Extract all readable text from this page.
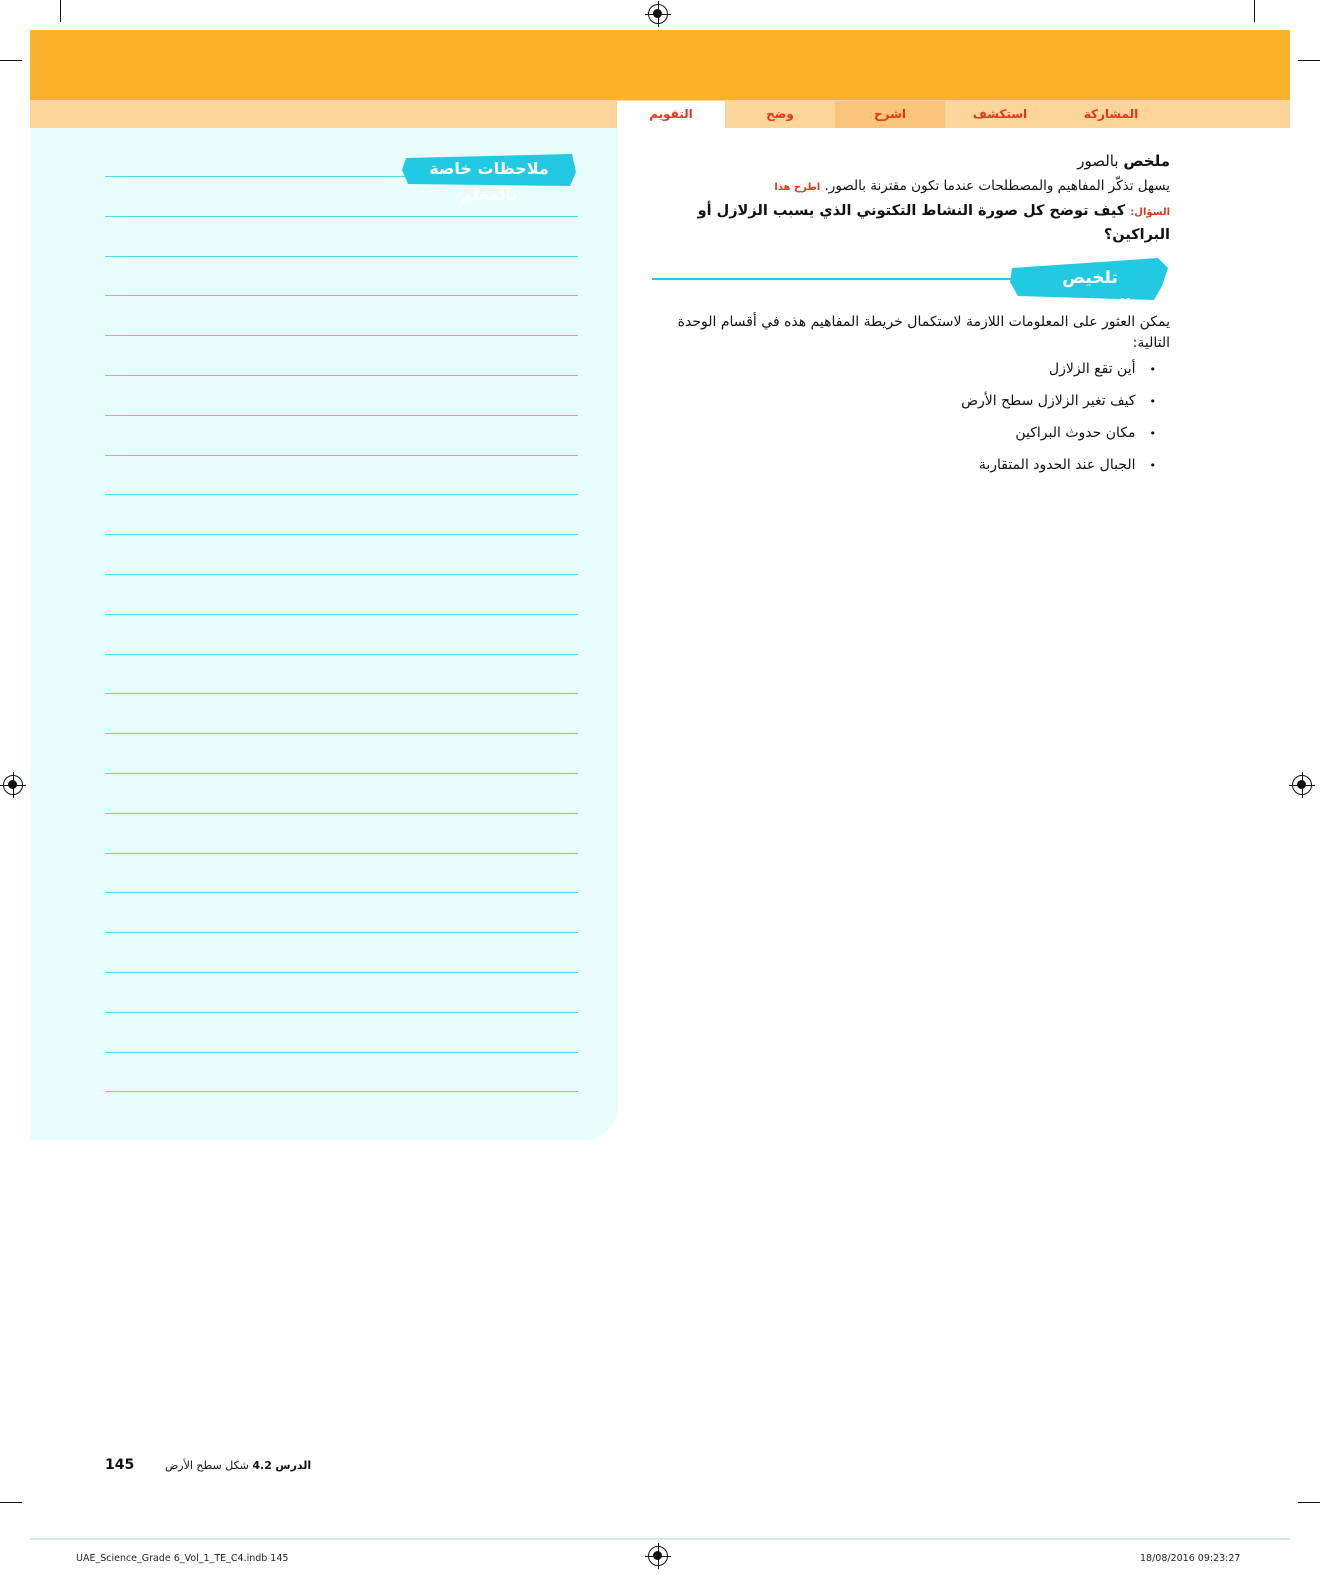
التقويم	وضح	اشرح	استكشف	المشاركة
ملاحظات خاصة بالمعلم
ملخص بالصور
يسهل تذكّر المفاهيم والمصطلحات عندما تكون مقترنة بالصور. اطرح هذا
السؤال: كيف توضح كل صورة النشاط التكتوني الذي يسبب الزلازل أو البراكين؟
تلخيص المفاهيم!
يمكن العثور على المعلومات اللازمة لاستكمال خريطة المفاهيم هذه في أقسام الوحدة التالية:
• أين تقع الزلازل
• كيف تغير الزلازل سطح الأرض
• مكان حدوث البراكين
• الجبال عند الحدود المتقاربة
145	الدرس 4.2 شكل سطح الأرض
UAE_Science_Grade 6_Vol_1_TE_C4.indb 145	18/08/2016 09:23:27
